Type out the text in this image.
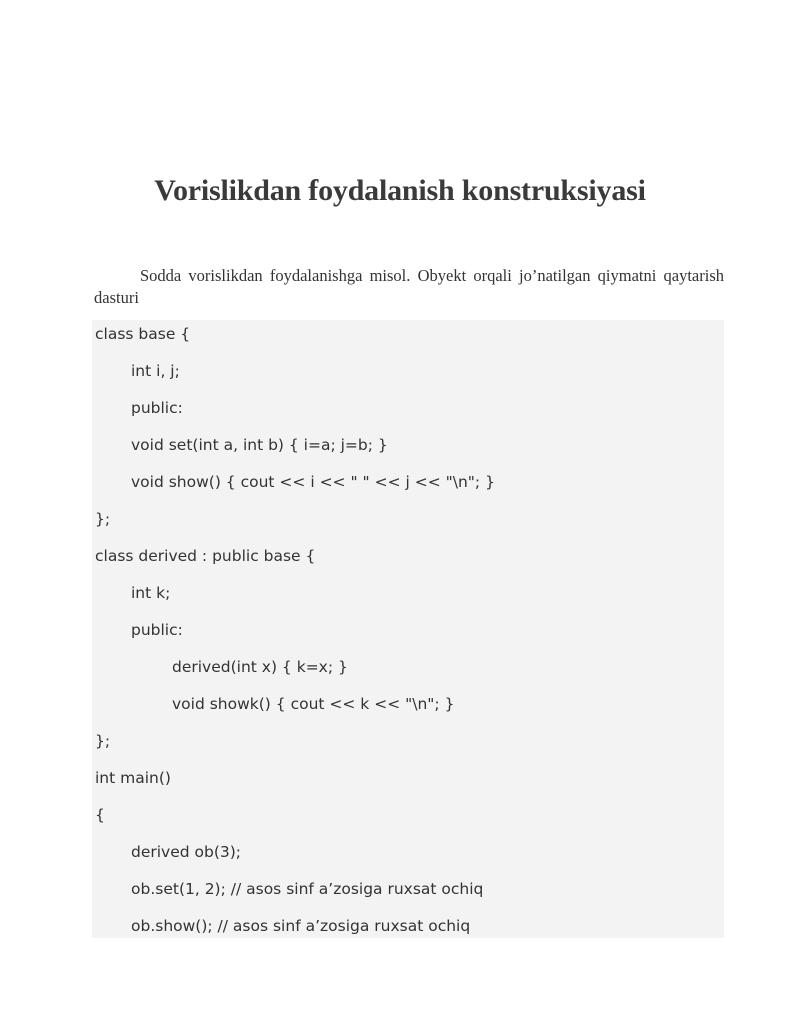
Vorislikdan foydalanish konstruksiyasi

Sodda vorislikdan foydalanishga misol. Obyekt orqali jo’natilgan qiymatni qaytarish dasturi

class base {
int i, j;
public:
void set(int a, int b) { i=a; j=b; }
void show() { cout << i << " " << j << "\n"; }
};
class derived : public base {
int k;
public:
derived(int x) { k=x; }
void showk() { cout << k << "\n"; }
};
int main()
{
derived ob(3);
ob.set(1, 2); // asos sinf a’zosiga ruxsat ochiq
ob.show(); // asos sinf a’zosiga ruxsat ochiq
